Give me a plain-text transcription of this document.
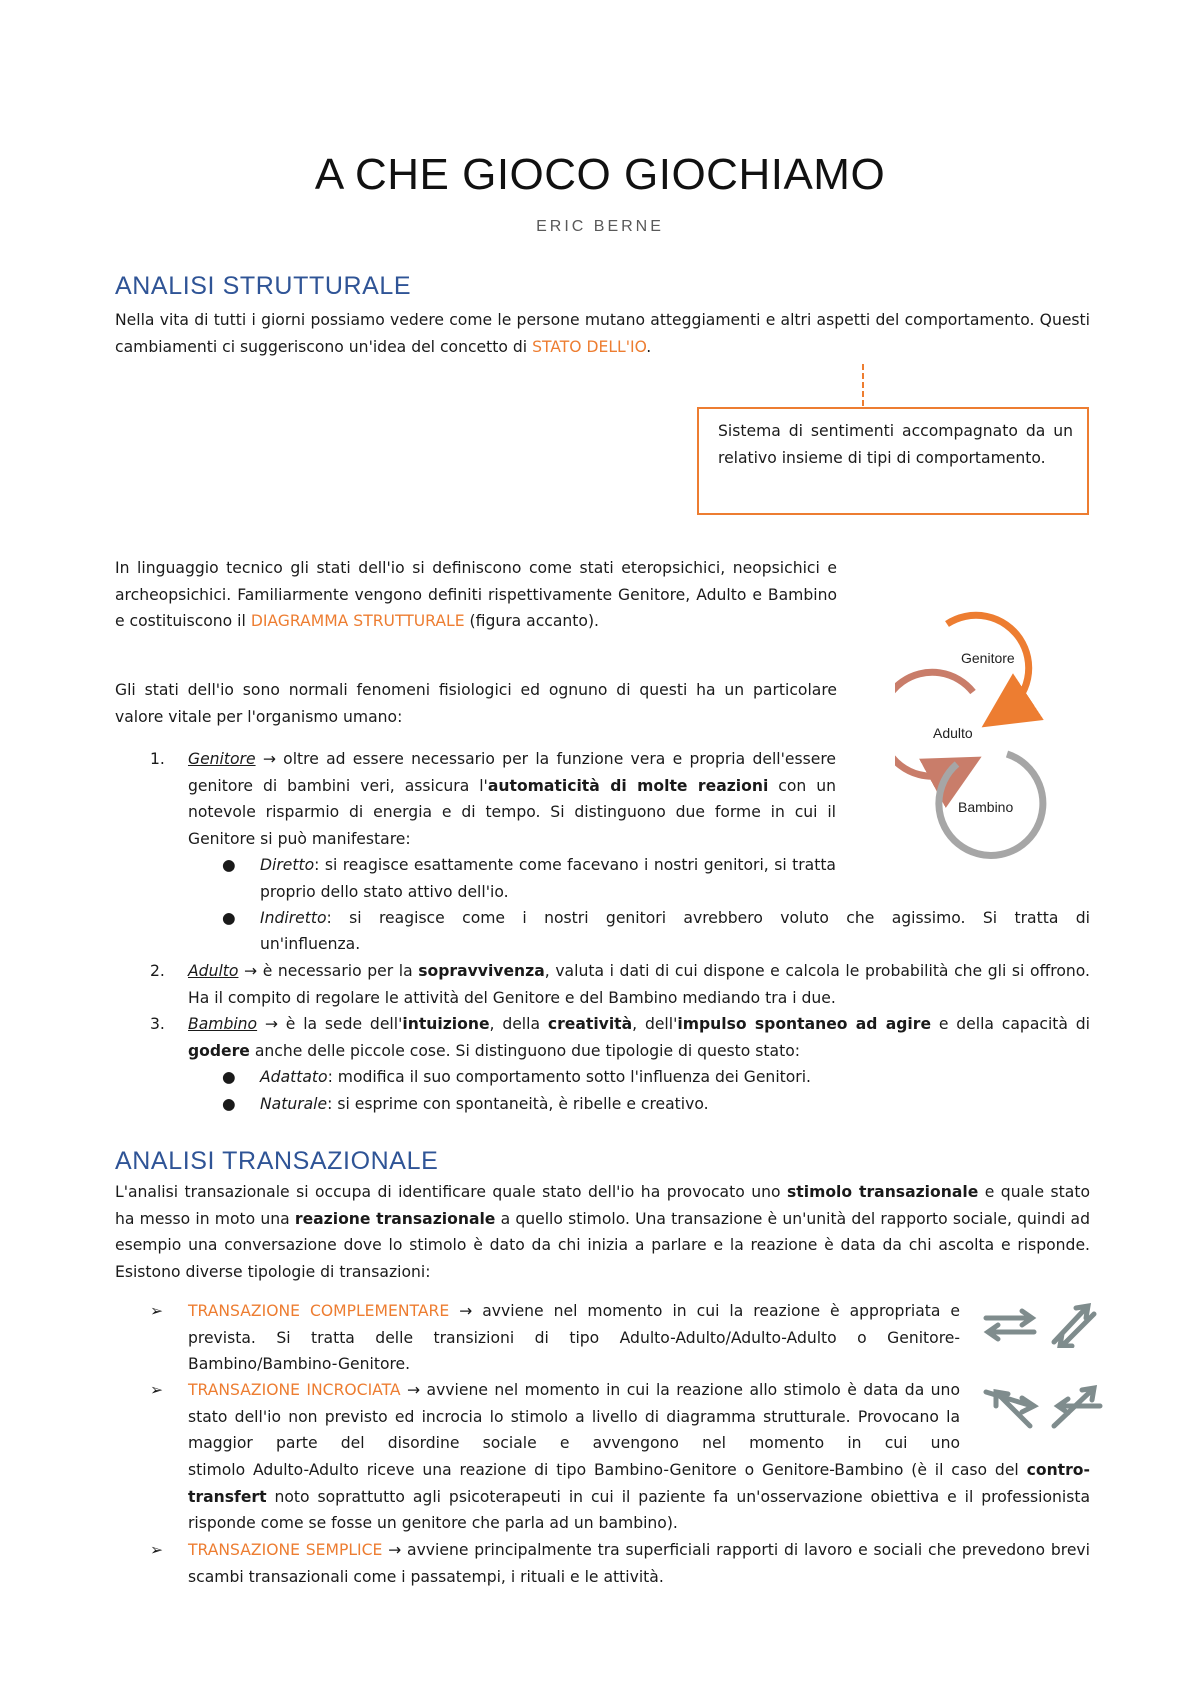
A CHE GIOCO GIOCHIAMO
ERIC BERNE
ANALISI STRUTTURALE
Nella vita di tutti i giorni possiamo vedere come le persone mutano atteggiamenti e altri aspetti del comportamento. Questi cambiamenti ci suggeriscono un'idea del concetto di STATO DELL'IO.
Sistema di sentimenti accompagnato da un relativo insieme di tipi di comportamento.
In linguaggio tecnico gli stati dell'io si definiscono come stati eteropsichici, neopsichici e archeopsichici. Familiarmente vengono definiti rispettivamente Genitore, Adulto e Bambino e costituiscono il DIAGRAMMA STRUTTURALE (figura accanto).
Gli stati dell'io sono normali fenomeni fisiologici ed ognuno di questi ha un particolare valore vitale per l'organismo umano:
Genitore
Adulto
Bambino
1. Genitore → oltre ad essere necessario per la funzione vera e propria dell'essere genitore di bambini veri, assicura l'automaticità di molte reazioni con un notevole risparmio di energia e di tempo. Si distinguono due forme in cui il Genitore si può manifestare:
● Diretto: si reagisce esattamente come facevano i nostri genitori, si tratta proprio dello stato attivo dell'io.
● Indiretto: si reagisce come i nostri genitori avrebbero voluto che agissimo. Si tratta di
un'influenza.
2. Adulto → è necessario per la sopravvivenza, valuta i dati di cui dispone e calcola le probabilità che gli si offrono. Ha il compito di regolare le attività del Genitore e del Bambino mediando tra i due.
3. Bambino → è la sede dell'intuizione, della creatività, dell'impulso spontaneo ad agire e della capacità di godere anche delle piccole cose. Si distinguono due tipologie di questo stato:
● Adattato: modifica il suo comportamento sotto l'influenza dei Genitori.
● Naturale: si esprime con spontaneità, è ribelle e creativo.
ANALISI TRANSAZIONALE
L'analisi transazionale si occupa di identificare quale stato dell'io ha provocato uno stimolo transazionale e quale stato ha messo in moto una reazione transazionale a quello stimolo. Una transazione è un'unità del rapporto sociale, quindi ad esempio una conversazione dove lo stimolo è dato da chi inizia a parlare e la reazione è data da chi ascolta e risponde. Esistono diverse tipologie di transazioni:
➢ TRANSAZIONE COMPLEMENTARE → avviene nel momento in cui la reazione è appropriata e prevista. Si tratta delle transizioni di tipo Adulto-Adulto/Adulto-Adulto o Genitore-Bambino/Bambino-Genitore.
➢ TRANSAZIONE INCROCIATA → avviene nel momento in cui la reazione allo stimolo è data da uno stato dell'io non previsto ed incrocia lo stimolo a livello di diagramma strutturale. Provocano la maggior parte del disordine sociale e avvengono nel momento in cui uno
stimolo Adulto-Adulto riceve una reazione di tipo Bambino-Genitore o Genitore-Bambino (è il caso del contro-transfert noto soprattutto agli psicoterapeuti in cui il paziente fa un'osservazione obiettiva e il professionista risponde come se fosse un genitore che parla ad un bambino).
➢ TRANSAZIONE SEMPLICE → avviene principalmente tra superficiali rapporti di lavoro e sociali che prevedono brevi scambi transazionali come i passatempi, i rituali e le attività.
